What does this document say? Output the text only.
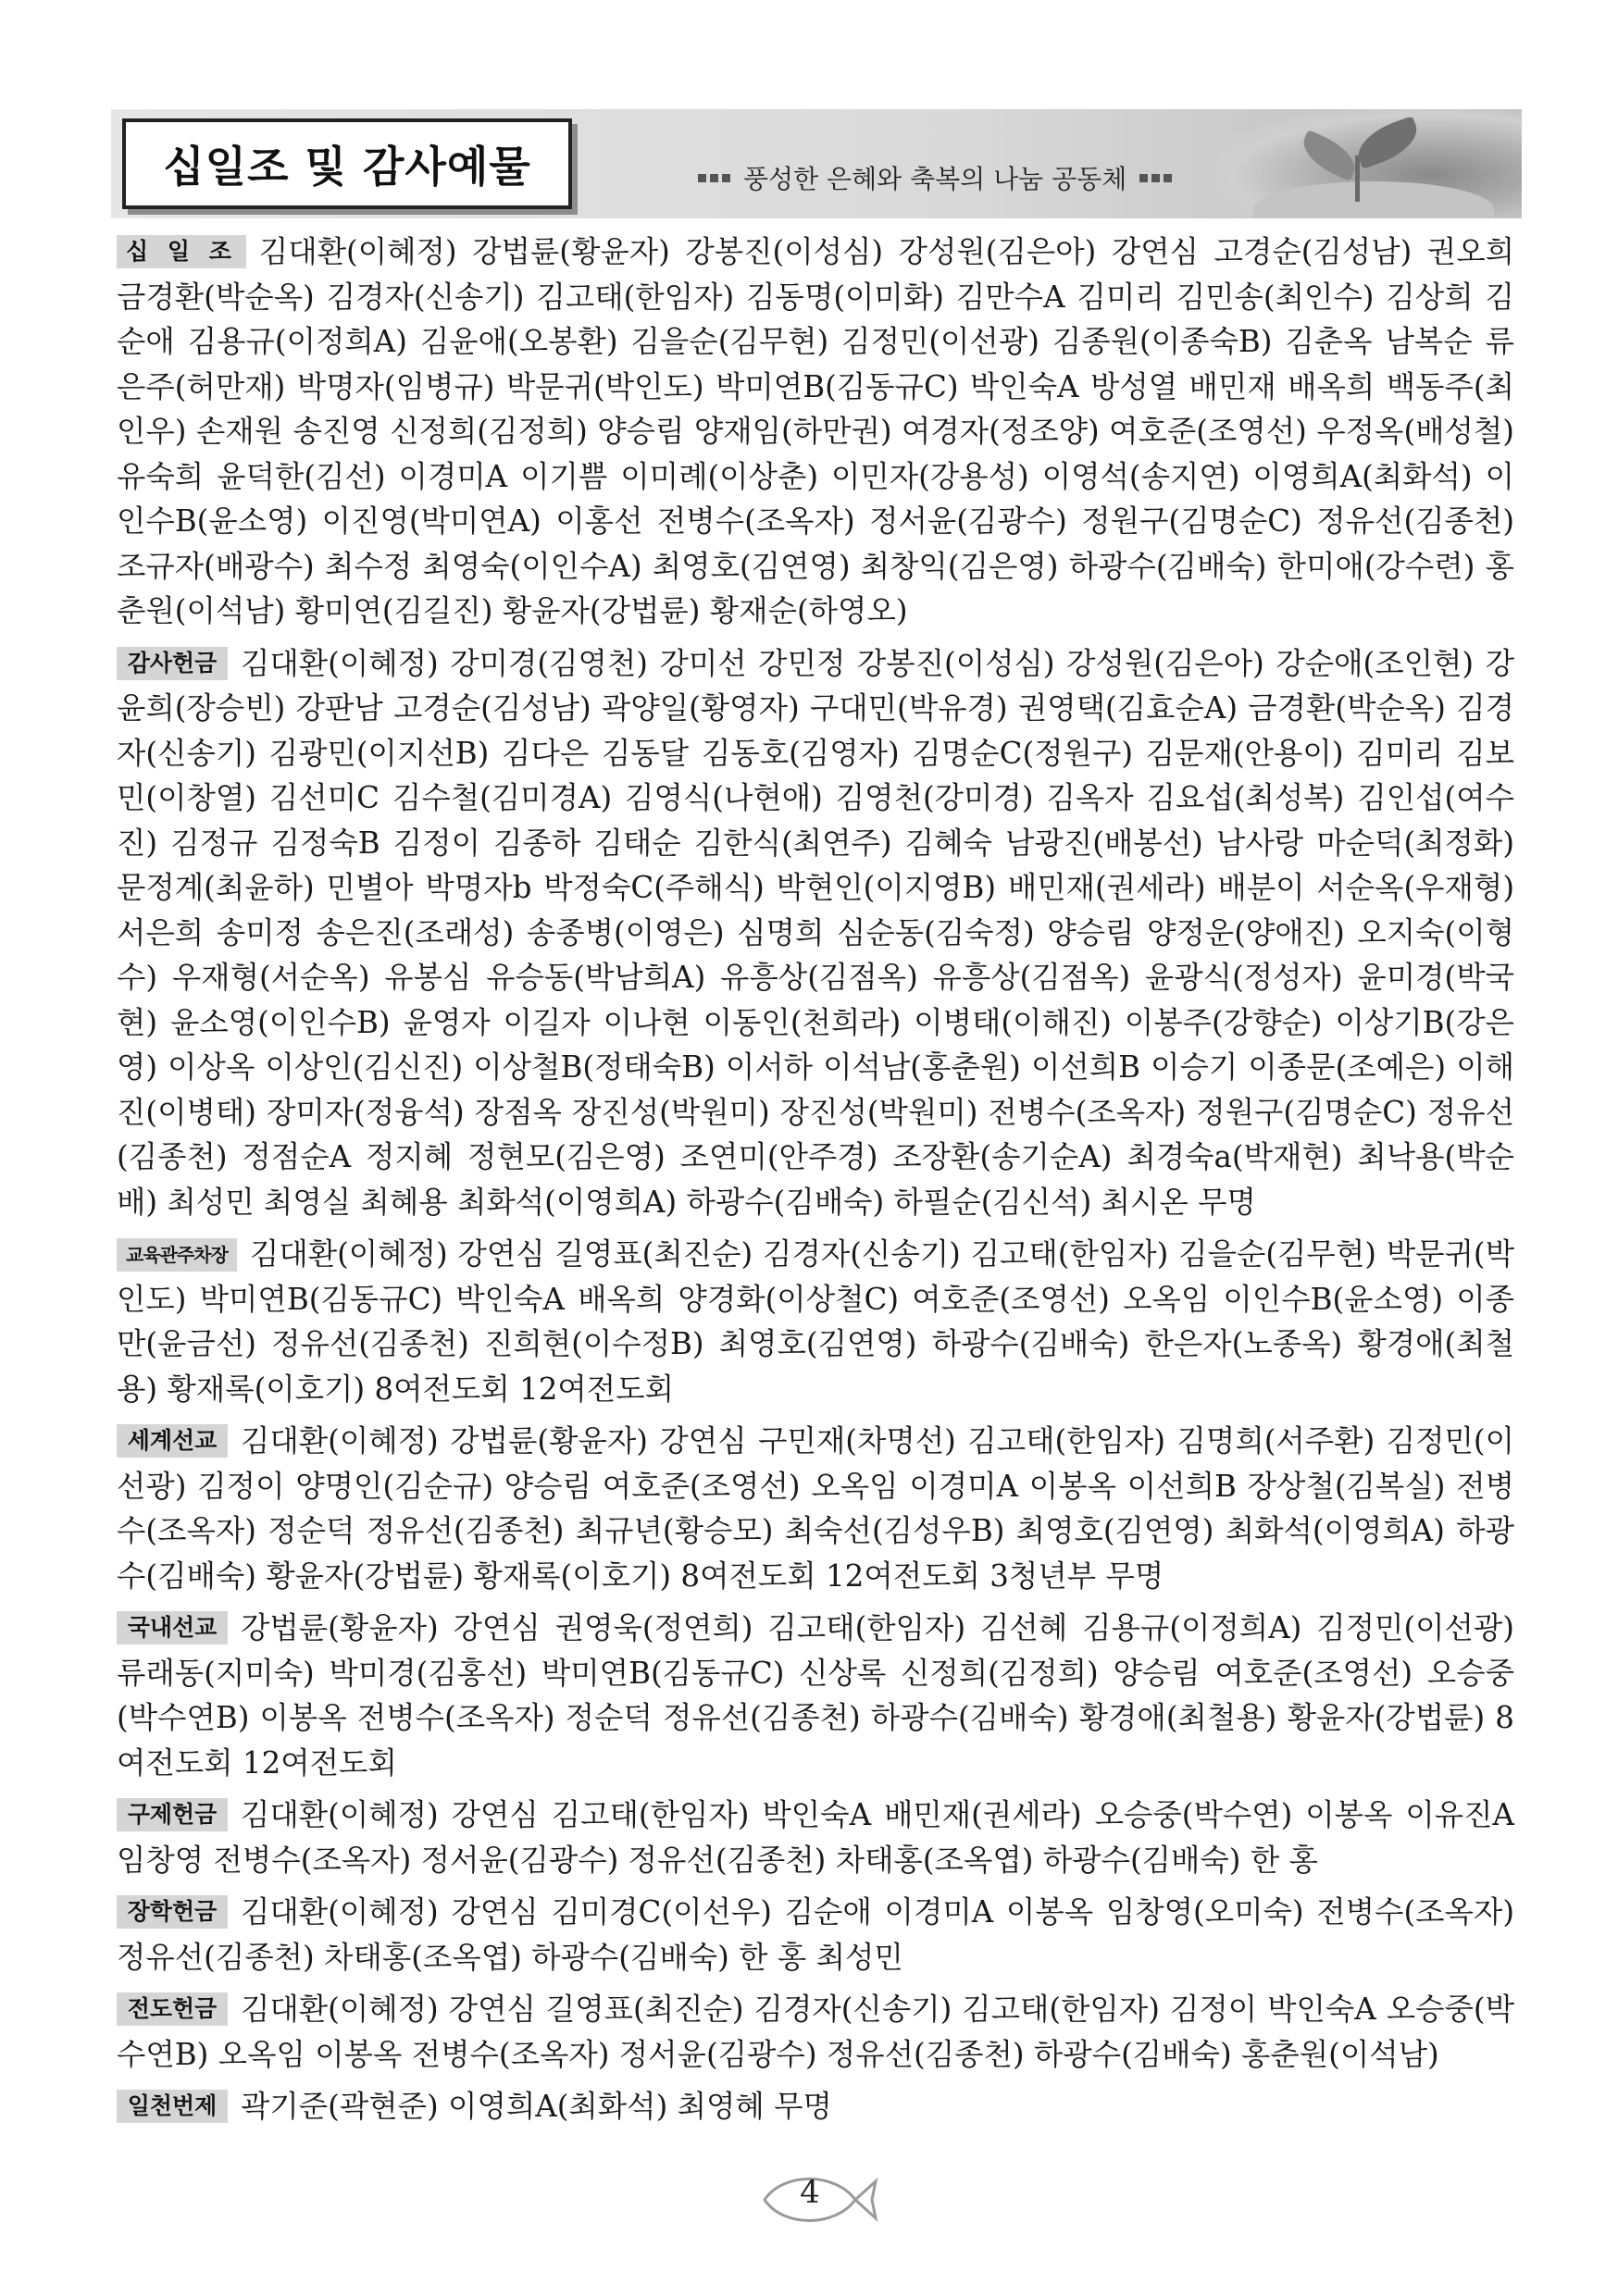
십일조 및 감사예물	풍성한 은혜와 축복의 나눔 공동체
십 일 조 김대환(이혜정) 강법륜(황윤자) 강봉진(이성심) 강성원(김은아) 강연심 고경순(김성남) 권오희 금경환(박순옥) 김경자(신송기) 김고태(한임자) 김동명(이미화) 김만수A 김미리 김민송(최인수) 김상희 김순애 김용규(이정희A) 김윤애(오봉환) 김을순(김무현) 김정민(이선광) 김종원(이종숙B) 김춘옥 남복순 류은주(허만재) 박명자(임병규) 박문귀(박인도) 박미연B(김동규C) 박인숙A 방성열 배민재 배옥희 백동주(최인우) 손재원 송진영 신정희(김정희) 양승림 양재임(하만권) 여경자(정조양) 여호준(조영선) 우정옥(배성철) 유숙희 윤덕한(김선) 이경미A 이기쁨 이미례(이상춘) 이민자(강용성) 이영석(송지연) 이영희A(최화석) 이인수B(윤소영) 이진영(박미연A) 이홍선 전병수(조옥자) 정서윤(김광수) 정원구(김명순C) 정유선(김종천) 조규자(배광수) 최수정 최영숙(이인수A) 최영호(김연영) 최창익(김은영) 하광수(김배숙) 한미애(강수련) 홍춘원(이석남) 황미연(김길진) 황윤자(강법륜) 황재순(하영오)
감사헌금 김대환(이혜정) 강미경(김영천) 강미선 강민정 강봉진(이성심) 강성원(김은아) 강순애(조인현) 강윤희(장승빈) 강판남 고경순(김성남) 곽양일(황영자) 구대민(박유경) 권영택(김효순A) 금경환(박순옥) 김경자(신송기) 김광민(이지선B) 김다은 김동달 김동호(김영자) 김명순C(정원구) 김문재(안용이) 김미리 김보민(이창열) 김선미C 김수철(김미경A) 김영식(나현애) 김영천(강미경) 김옥자 김요섭(최성복) 김인섭(여수진) 김정규 김정숙B 김정이 김종하 김태순 김한식(최연주) 김혜숙 남광진(배봉선) 남사랑 마순덕(최정화) 문정계(최윤하) 민별아 박명자b 박정숙C(주해식) 박현인(이지영B) 배민재(권세라) 배분이 서순옥(우재형) 서은희 송미정 송은진(조래성) 송종병(이영은) 심명희 심순동(김숙정) 양승림 양정운(양애진) 오지숙(이형수) 우재형(서순옥) 유봉심 유승동(박남희A) 유흥상(김점옥) 유흥상(김점옥) 윤광식(정성자) 윤미경(박국현) 윤소영(이인수B) 윤영자 이길자 이나현 이동인(천희라) 이병태(이해진) 이봉주(강향순) 이상기B(강은영) 이상옥 이상인(김신진) 이상철B(정태숙B) 이서하 이석남(홍춘원) 이선희B 이승기 이종문(조예은) 이해진(이병태) 장미자(정융석) 장점옥 장진성(박원미) 장진성(박원미) 전병수(조옥자) 정원구(김명순C) 정유선(김종천) 정점순A 정지혜 정현모(김은영) 조연미(안주경) 조장환(송기순A) 최경숙a(박재현) 최낙용(박순배) 최성민 최영실 최혜용 최화석(이영희A) 하광수(김배숙) 하필순(김신석) 최시온 무명
교육관주차장 김대환(이혜정) 강연심 길영표(최진순) 김경자(신송기) 김고태(한임자) 김을순(김무현) 박문귀(박인도) 박미연B(김동규C) 박인숙A 배옥희 양경화(이상철C) 여호준(조영선) 오옥임 이인수B(윤소영) 이종만(윤금선) 정유선(김종천) 진희현(이수정B) 최영호(김연영) 하광수(김배숙) 한은자(노종옥) 황경애(최철용) 황재록(이호기) 8여전도회 12여전도회
세계선교 김대환(이혜정) 강법륜(황윤자) 강연심 구민재(차명선) 김고태(한임자) 김명희(서주환) 김정민(이선광) 김정이 양명인(김순규) 양승림 여호준(조영선) 오옥임 이경미A 이봉옥 이선희B 장상철(김복실) 전병수(조옥자) 정순덕 정유선(김종천) 최규년(황승모) 최숙선(김성우B) 최영호(김연영) 최화석(이영희A) 하광수(김배숙) 황윤자(강법륜) 황재록(이호기) 8여전도회 12여전도회 3청년부 무명
국내선교 강법륜(황윤자) 강연심 권영욱(정연희) 김고태(한임자) 김선혜 김용규(이정희A) 김정민(이선광) 류래동(지미숙) 박미경(김홍선) 박미연B(김동규C) 신상록 신정희(김정희) 양승림 여호준(조영선) 오승중(박수연B) 이봉옥 전병수(조옥자) 정순덕 정유선(김종천) 하광수(김배숙) 황경애(최철용) 황윤자(강법륜) 8여전도회 12여전도회
구제헌금 김대환(이혜정) 강연심 김고태(한임자) 박인숙A 배민재(권세라) 오승중(박수연) 이봉옥 이유진A 임창영 전병수(조옥자) 정서윤(김광수) 정유선(김종천) 차태홍(조옥엽) 하광수(김배숙) 한 홍
장학헌금 김대환(이혜정) 강연심 김미경C(이선우) 김순애 이경미A 이봉옥 임창영(오미숙) 전병수(조옥자) 정유선(김종천) 차태홍(조옥엽) 하광수(김배숙) 한 홍 최성민
전도헌금 김대환(이혜정) 강연심 길영표(최진순) 김경자(신송기) 김고태(한임자) 김정이 박인숙A 오승중(박수연B) 오옥임 이봉옥 전병수(조옥자) 정서윤(김광수) 정유선(김종천) 하광수(김배숙) 홍춘원(이석남)
일천번제 곽기준(곽현준) 이영희A(최화석) 최영혜 무명
4
